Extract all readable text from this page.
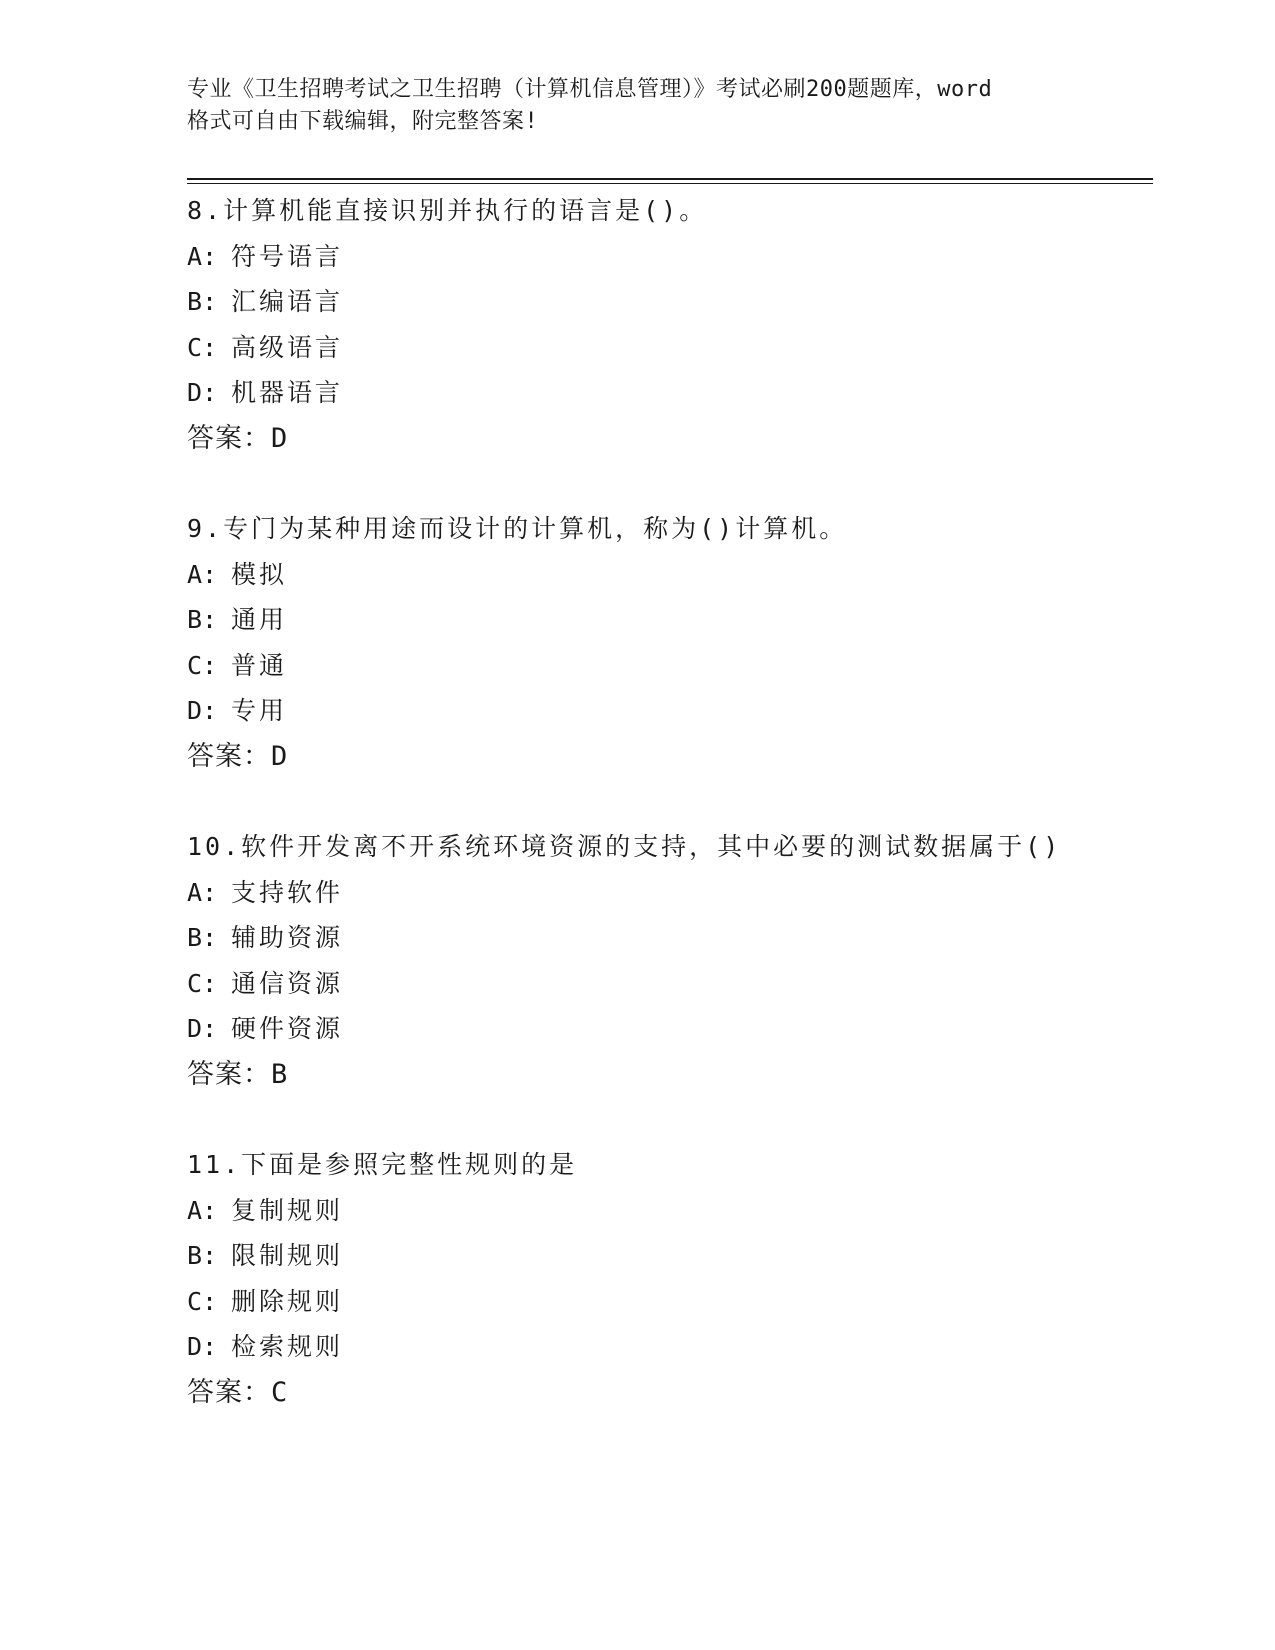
专业《卫生招聘考试之卫生招聘（计算机信息管理）》考试必刷200题题库，word
格式可自由下载编辑，附完整答案!
8.计算机能直接识别并执行的语言是()。
A: 符号语言
B: 汇编语言
C: 高级语言
D: 机器语言
答案：D
9.专门为某种用途而设计的计算机，称为()计算机。
A: 模拟
B: 通用
C: 普通
D: 专用
答案：D
10.软件开发离不开系统环境资源的支持，其中必要的测试数据属于()
A: 支持软件
B: 辅助资源
C: 通信资源
D: 硬件资源
答案：B
11.下面是参照完整性规则的是
A: 复制规则
B: 限制规则
C: 删除规则
D: 检索规则
答案：C
